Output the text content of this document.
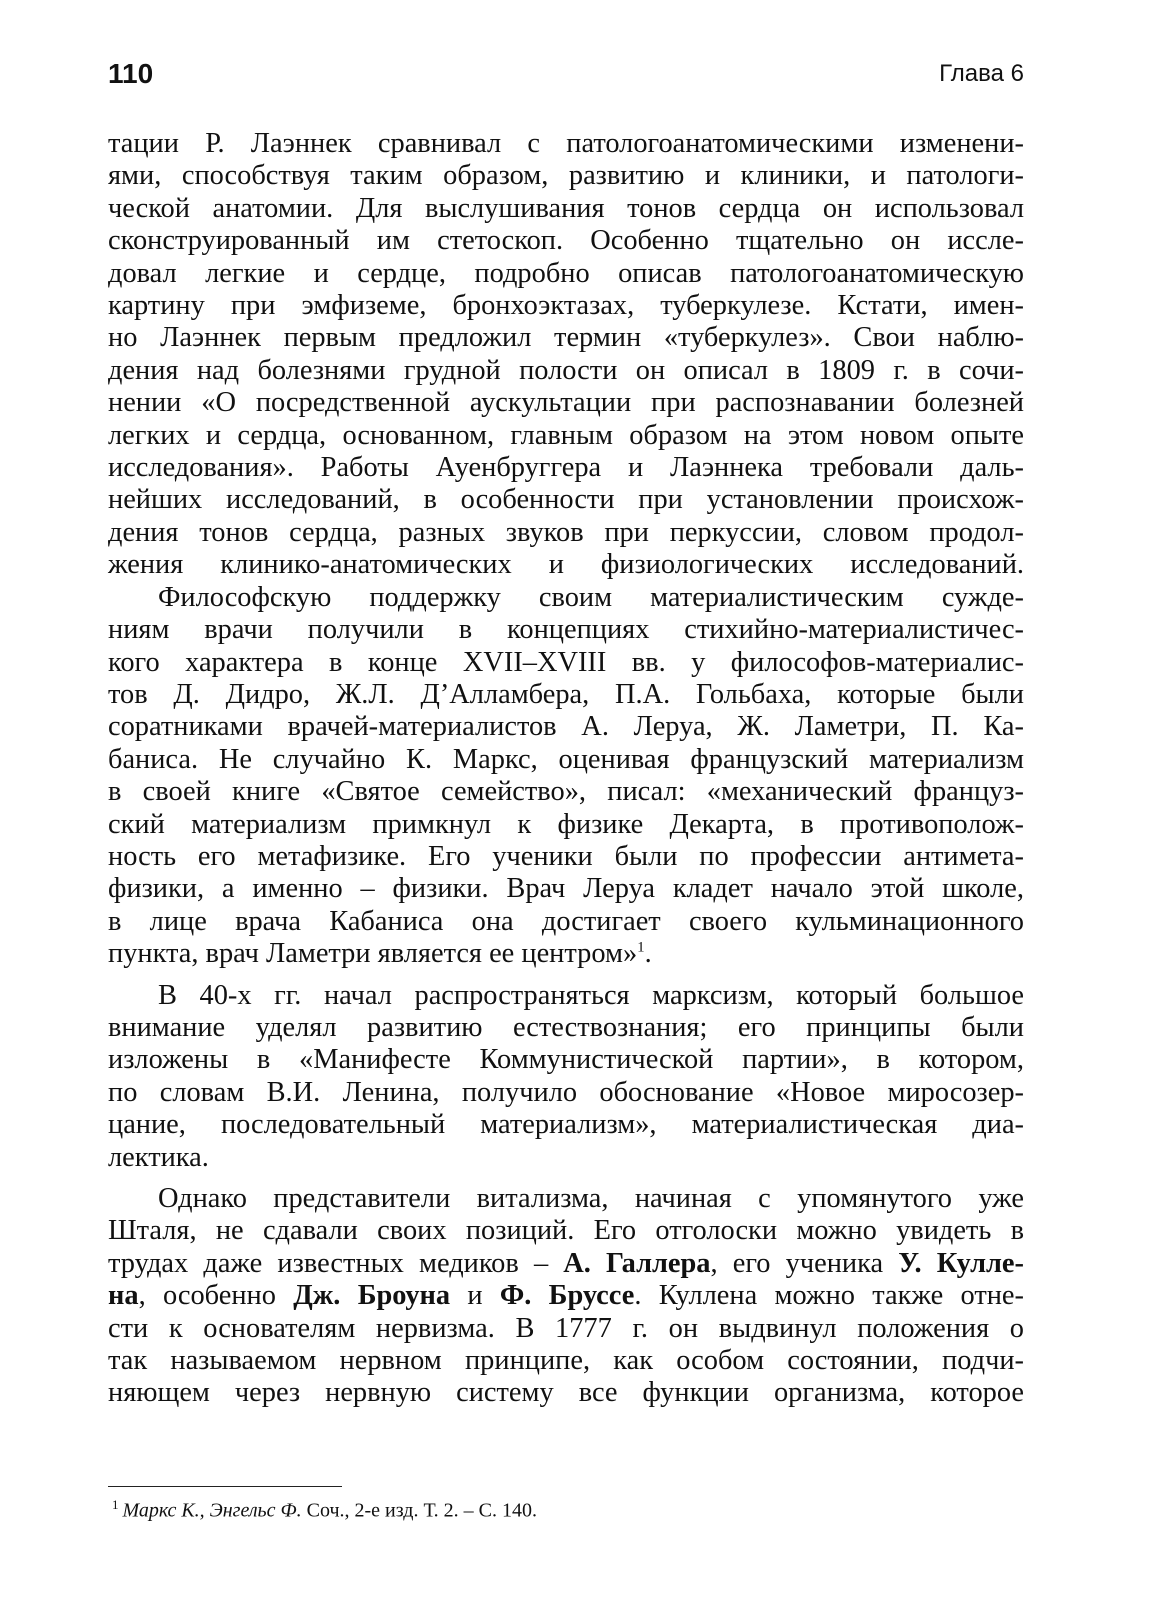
110	Глава 6

тации Р. Лаэннек сравнивал с патологоанатомическими изменени-

ями, способствуя таким образом, развитию и клиники, и патологи-

ческой анатомии. Для выслушивания тонов сердца он использовал

сконструированный им стетоскоп. Особенно тщательно он иссле-

довал легкие и сердце, подробно описав патологоанатомическую

картину при эмфиземе, бронхоэктазах, туберкулезе. Кстати, имен-

но Лаэннек первым предложил термин «туберкулез». Свои наблю-

дения над болезнями грудной полости он описал в 1809 г. в сочи-

нении «О посредственной аускультации при распознавании болезней

легких и сердца, основанном, главным образом на этом новом опыте

исследования». Работы Ауенбруггера и Лаэннека требовали даль-

нейших исследований, в особенности при установлении происхож-

дения тонов сердца, разных звуков при перкуссии, словом продол-

жения клинико-анатомических и физиологических исследований.

Философскую поддержку своим материалистическим сужде-

ниям врачи получили в концепциях стихийно-материалистичес-

кого характера в конце XVII–XVIII вв. у философов-материалис-

тов Д. Дидро, Ж.Л. Д’Алламбера, П.А. Гольбаха, которые были

соратниками врачей-материалистов А. Леруа, Ж. Ламетри, П. Ка-

баниса. Не случайно К. Маркс, оценивая французский материализм

в своей книге «Святое семейство», писал: «механический француз-

ский материализм примкнул к физике Декарта, в противополож-

ность его метафизике. Его ученики были по профессии антимета-

физики, а именно – физики. Врач Леруа кладет начало этой школе,

в лице врача Кабаниса она достигает своего кульминационного

пункта, врач Ламетри является ее центром»$^1$.

В 40-х гг. начал распространяться марксизм, который большое

внимание уделял развитию естествознания; его принципы были

изложены в «Манифесте Коммунистической партии», в котором,

по словам В.И. Ленина, получило обоснование «Новое миросозер-

цание, последовательный материализм», материалистическая диа-

лектика.

Однако представители витализма, начиная с упомянутого уже

Шталя, не сдавали своих позиций. Его отголоски можно увидеть в

трудах даже известных медиков – А. Галлера, его ученика У. Кулле-

на, особенно Дж. Броуна и Ф. Бруссе. Куллена можно также отне-

сти к основателям нервизма. В 1777 г. он выдвинул положения о

так называемом нервном принципе, как особом состоянии, подчи-

няющем через нервную систему все функции организма, которое

$^1$ Маркс К., Энгельс Ф. Соч., 2-е изд. Т. 2. – С. 140.
